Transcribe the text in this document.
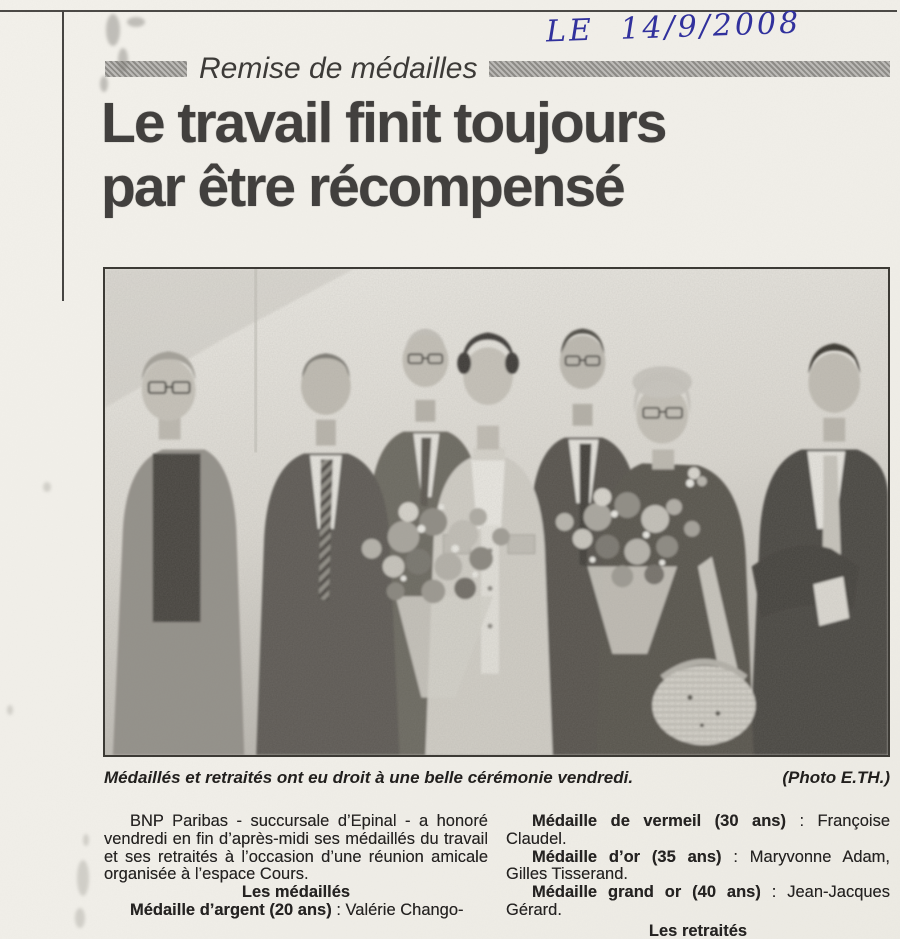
LE 14/9/2008
Remise de médailles
Le travail finit toujours
par être récompensé
Médaillés et retraités ont eu droit à une belle cérémonie vendredi.	(Photo E.TH.)

BNP Paribas - succursale d’Epinal - a honoré vendredi en fin d’après-midi ses médaillés du travail et ses retraités à l’occasion d’une réunion amicale organisée à l’espace Cours.

Les médaillés

Médaille d’argent (20 ans) : Valérie Chango-

Médaille de vermeil (30 ans) : Françoise Claudel.

Médaille d’or (35 ans) : Maryvonne Adam, Gilles Tisserand.

Médaille grand or (40 ans) : Jean-Jacques Gérard.

Les retraités
